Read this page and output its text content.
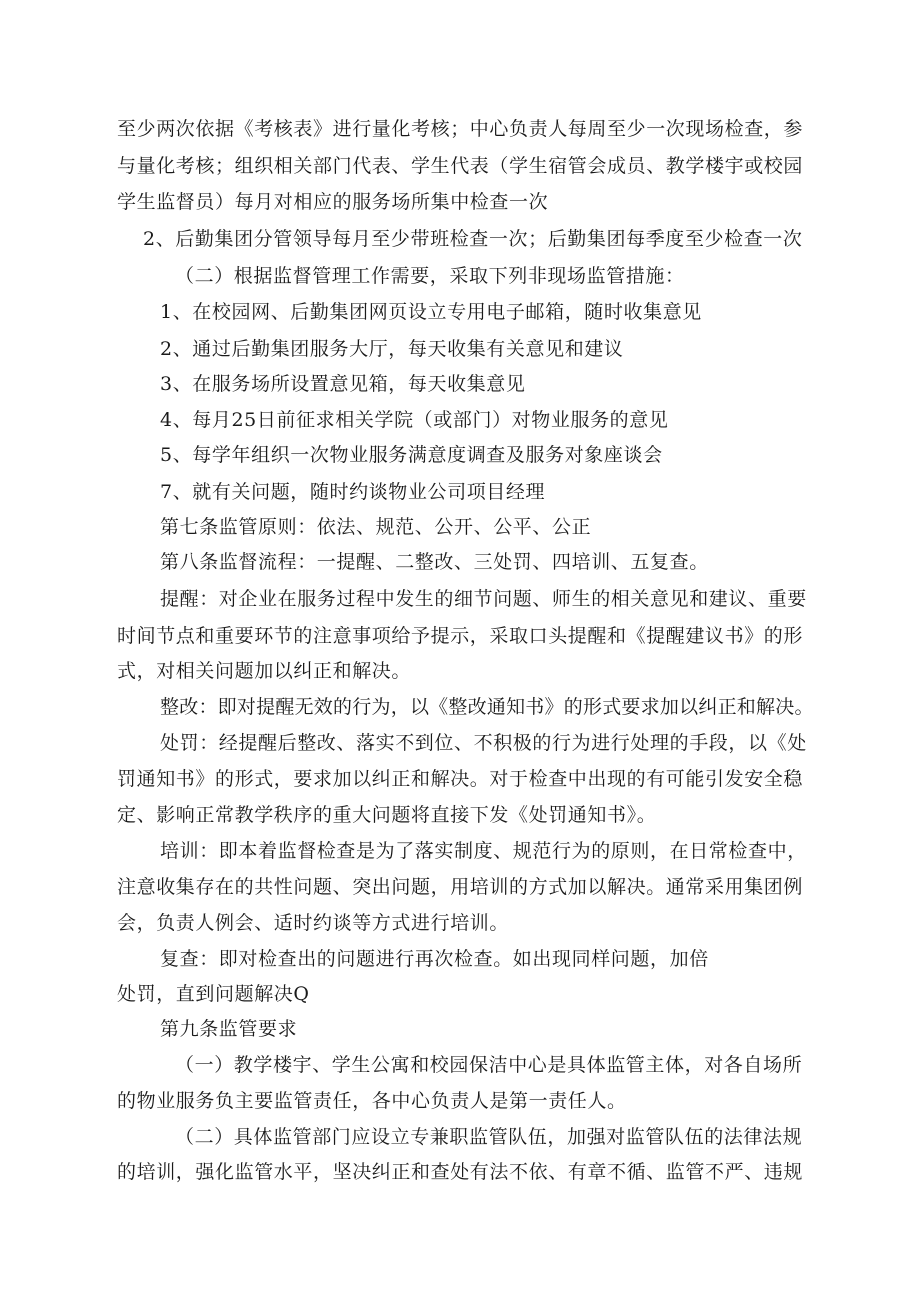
至少两次依据《考核表》进行量化考核；中心负责人每周至少一次现场检查，参

与量化考核；组织相关部门代表、学生代表（学生宿管会成员、教学楼宇或校园

学生监督员）每月对相应的服务场所集中检查一次

2、后勤集团分管领导每月至少带班检查一次；后勤集团每季度至少检查一次

（二）根据监督管理工作需要，采取下列非现场监管措施：

1、在校园网、后勤集团网页设立专用电子邮箱，随时收集意见

2、通过后勤集团服务大厅，每天收集有关意见和建议

3、在服务场所设置意见箱，每天收集意见

4、每月25日前征求相关学院（或部门）对物业服务的意见

5、每学年组织一次物业服务满意度调查及服务对象座谈会

7、就有关问题，随时约谈物业公司项目经理

第七条监管原则：依法、规范、公开、公平、公正

第八条监督流程：一提醒、二整改、三处罚、四培训、五复查。

提醒：对企业在服务过程中发生的细节问题、师生的相关意见和建议、重要

时间节点和重要环节的注意事项给予提示，采取口头提醒和《提醒建议书》的形

式，对相关问题加以纠正和解决。

整改：即对提醒无效的行为，以《整改通知书》的形式要求加以纠正和解决。

处罚：经提醒后整改、落实不到位、不积极的行为进行处理的手段，以《处

罚通知书》的形式，要求加以纠正和解决。对于检查中出现的有可能引发安全稳

定、影响正常教学秩序的重大问题将直接下发《处罚通知书》。

培训：即本着监督检查是为了落实制度、规范行为的原则，在日常检查中，

注意收集存在的共性问题、突出问题，用培训的方式加以解决。通常采用集团例

会，负责人例会、适时约谈等方式进行培训。

复查：即对检查出的问题进行再次检查。如出现同样问题，加倍

处罚，直到问题解决Q

第九条监管要求

（一）教学楼宇、学生公寓和校园保洁中心是具体监管主体，对各自场所

的物业服务负主要监管责任，各中心负责人是第一责任人。

（二）具体监管部门应设立专兼职监管队伍，加强对监管队伍的法律法规

的培训，强化监管水平，坚决纠正和查处有法不依、有章不循、监管不严、违规
